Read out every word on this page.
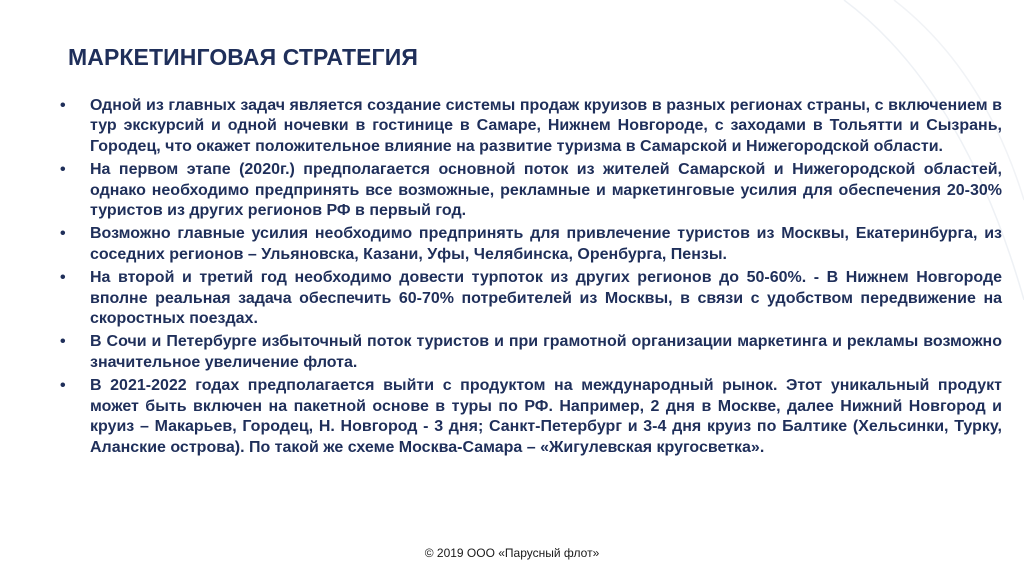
МАРКЕТИНГОВАЯ СТРАТЕГИЯ
•	Одной из главных задач является создание системы продаж круизов в разных регионах страны, с включением в тур экскурсий и одной ночевки в гостинице в Самаре, Нижнем Новгороде, с заходами в Тольятти и Сызрань, Городец, что окажет положительное влияние на развитие туризма в Самарской и Нижегородской области.
•	На первом этапе (2020г.) предполагается основной поток из жителей Самарской и Нижегородской областей, однако необходимо предпринять все возможные, рекламные и маркетинговые усилия для обеспечения 20-30% туристов из других регионов РФ в первый год.
•	Возможно главные усилия необходимо предпринять для привлечение туристов из Москвы, Екатеринбурга, из соседних регионов – Ульяновска, Казани, Уфы, Челябинска, Оренбурга, Пензы.
•	На второй и третий год необходимо довести турпоток из других регионов до 50-60%. - В Нижнем Новгороде вполне реальная задача обеспечить 60-70% потребителей из Москвы, в связи с удобством передвижение на скоростных поездах.
•	В Сочи и Петербурге избыточный поток туристов и при грамотной организации маркетинга и рекламы возможно значительное увеличение флота.
•	В 2021-2022 годах предполагается выйти с продуктом на международный рынок. Этот уникальный продукт может быть включен на пакетной основе в туры по РФ. Например, 2 дня в Москве, далее Нижний Новгород и круиз – Макарьев, Городец, Н. Новгород - 3 дня; Санкт-Петербург и 3-4 дня круиз по Балтике (Хельсинки, Турку, Аланские острова). По такой же схеме Москва-Самара – «Жигулевская кругосветка».
© 2019 ООО «Парусный флот»
